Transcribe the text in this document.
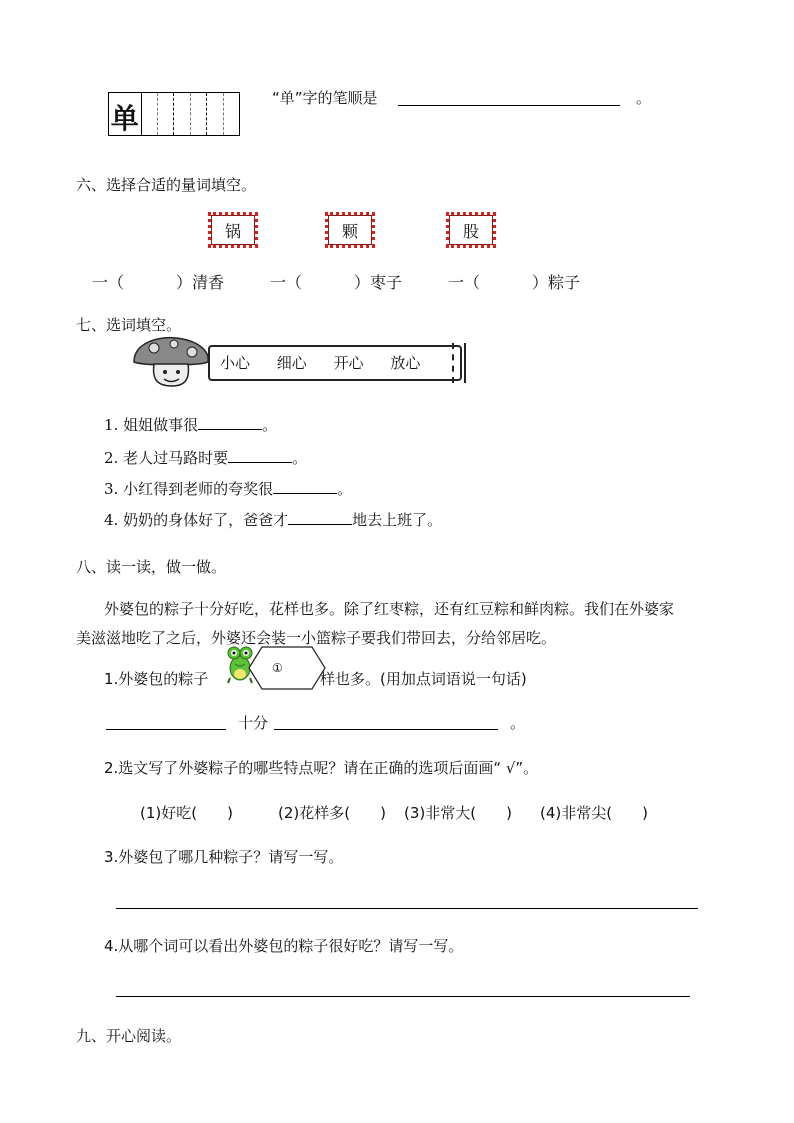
单
“单”字的笔顺是	。
六、选择合适的量词填空。
锅	颗	股
一（	）清香	一（	）枣子	一（	）粽子
七、选词填空。
小心 细心 开心 放心
1. 姐姐做事很	。
2. 老人过马路时要	。
3. 小红得到老师的夸奖很	。
4. 奶奶的身体好了，爸爸才	地去上班了。
八、读一读，做一做。
外婆包的粽子十分好吃，花样也多。除了红枣粽，还有红豆粽和鲜肉粽。我们在外婆家
美滋滋地吃了之后，外婆还会装一小篮粽子要我们带回去，分给邻居吃。
1.外婆包的粽子	样也多。(用加点词语说一句话)
①
十分	。
2.选文写了外婆粽子的哪些特点呢？请在正确的选项后面画“ √”。
(1)好吃(　　)	(2)花样多(　　) (3)非常大(　　) (4)非常尖(　　)
3.外婆包了哪几种粽子？请写一写。
4.从哪个词可以看出外婆包的粽子很好吃？请写一写。
九、开心阅读。
